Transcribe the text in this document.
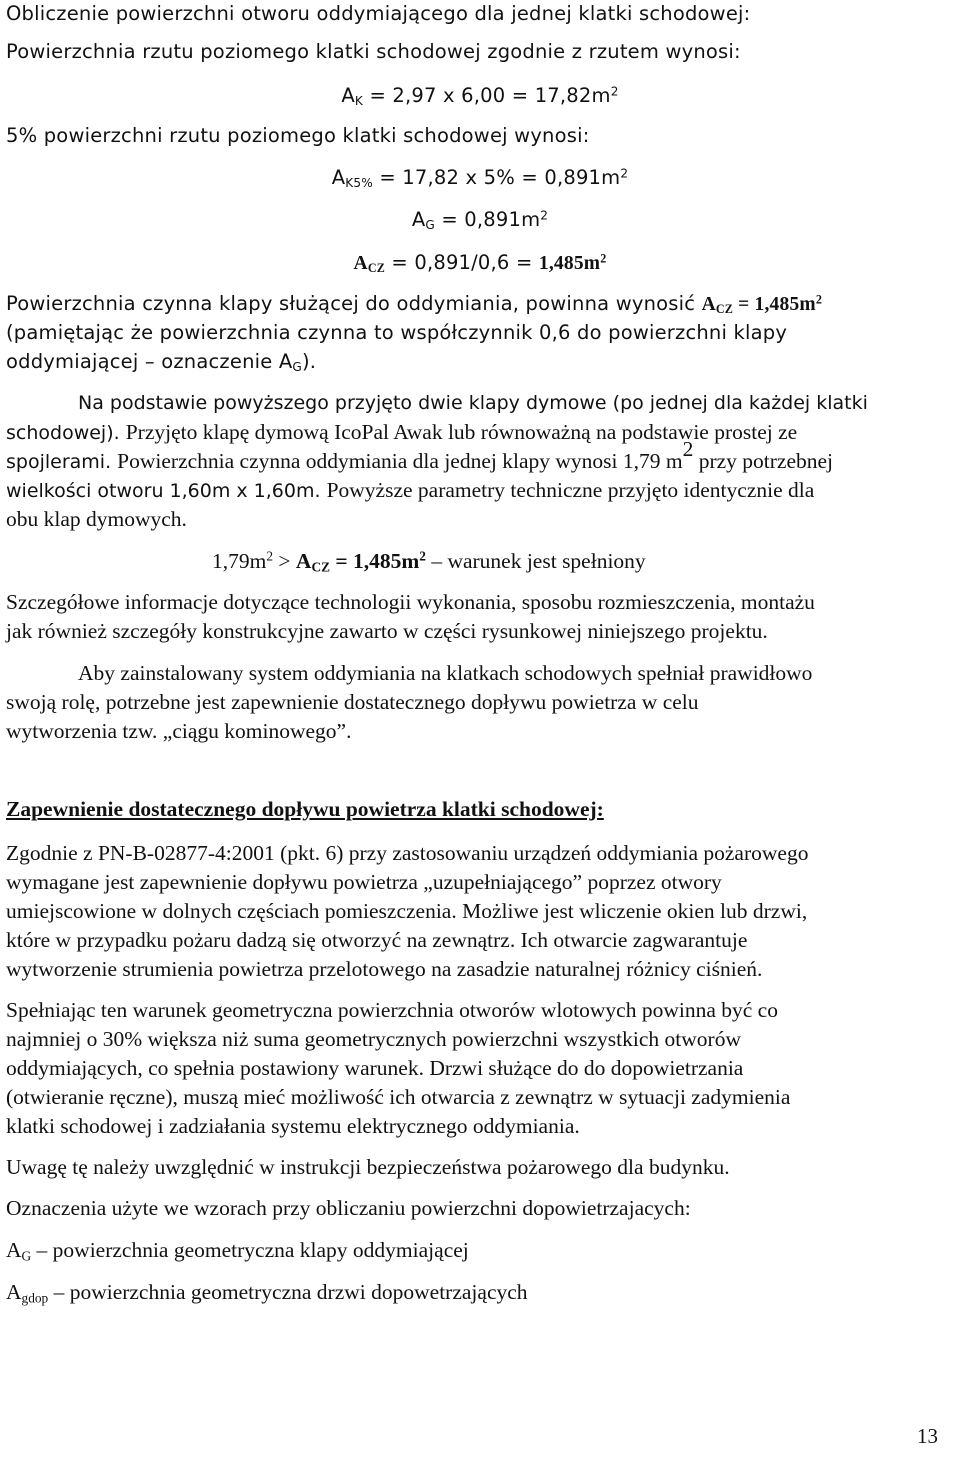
Obliczenie powierzchni otworu oddymiającego dla jednej klatki schodowej:

Powierzchnia rzutu poziomego klatki schodowej zgodnie z rzutem wynosi:

$A_K = 2,97$ x $6,00 = 17,82m^2$

5% powierzchni rzutu poziomego klatki schodowej wynosi:

$A_{K5\%} = 17,82$ x $5\% = 0,891m^2$

$A_G = 0,891m^2$

$A_{CZ} = 0,891/0,6 = 1,485m^2$

Powierzchnia czynna klapy służącej do oddymiania, powinna wynosić $A_{CZ} = 1,485m^2$

(pamiętając że powierzchnia czynna to współczynnik 0,6 do powierzchni klapy

oddymiającej – oznaczenie $A_G$).

Na podstawie powyższego przyjęto dwie klapy dymowe (po jednej dla każdej klatki

schodowej). Przyjęto klapę dymową IcoPal Awak lub równoważną na podstawie prostej ze

spojlerami. Powierzchnia czynna oddymiania dla jednej klapy wynosi 1,79 $m^2$ przy potrzebnej

wielkości otworu 1,60m x 1,60m. Powyższe parametry techniczne przyjęto identycznie dla

obu klap dymowych.

$1,79m^2 > A_{CZ} = 1,485m^2$ – warunek jest spełniony

Szczegółowe informacje dotyczące technologii wykonania, sposobu rozmieszczenia, montażu

jak również szczegóły konstrukcyjne zawarto w części rysunkowej niniejszego projektu.

Aby zainstalowany system oddymiania na klatkach schodowych spełniał prawidłowo

swoją rolę, potrzebne jest zapewnienie dostatecznego dopływu powietrza w celu

wytworzenia tzw. „ciągu kominowego”.

Zapewnienie dostatecznego dopływu powietrza klatki schodowej:

Zgodnie z PN-B-02877-4:2001 (pkt. 6) przy zastosowaniu urządzeń oddymiania pożarowego

wymagane jest zapewnienie dopływu powietrza „uzupełniającego” poprzez otwory

umiejscowione w dolnych częściach pomieszczenia. Możliwe jest wliczenie okien lub drzwi,

które w przypadku pożaru dadzą się otworzyć na zewnątrz. Ich otwarcie zagwarantuje

wytworzenie strumienia powietrza przelotowego na zasadzie naturalnej różnicy ciśnień.

Spełniając ten warunek geometryczna powierzchnia otworów wlotowych powinna być co

najmniej o 30% większa niż suma geometrycznych powierzchni wszystkich otworów

oddymiających, co spełnia postawiony warunek. Drzwi służące do do dopowietrzania

(otwieranie ręczne), muszą mieć możliwość ich otwarcia z zewnątrz w sytuacji zadymienia

klatki schodowej i zadziałania systemu elektrycznego oddymiania.

Uwagę tę należy uwzględnić w instrukcji bezpieczeństwa pożarowego dla budynku.

Oznaczenia użyte we wzorach przy obliczaniu powierzchni dopowietrzajacych:

$A_G$ – powierzchnia geometryczna klapy oddymiającej

$A_{gdop}$ – powierzchnia geometryczna drzwi dopowetrzających

13
